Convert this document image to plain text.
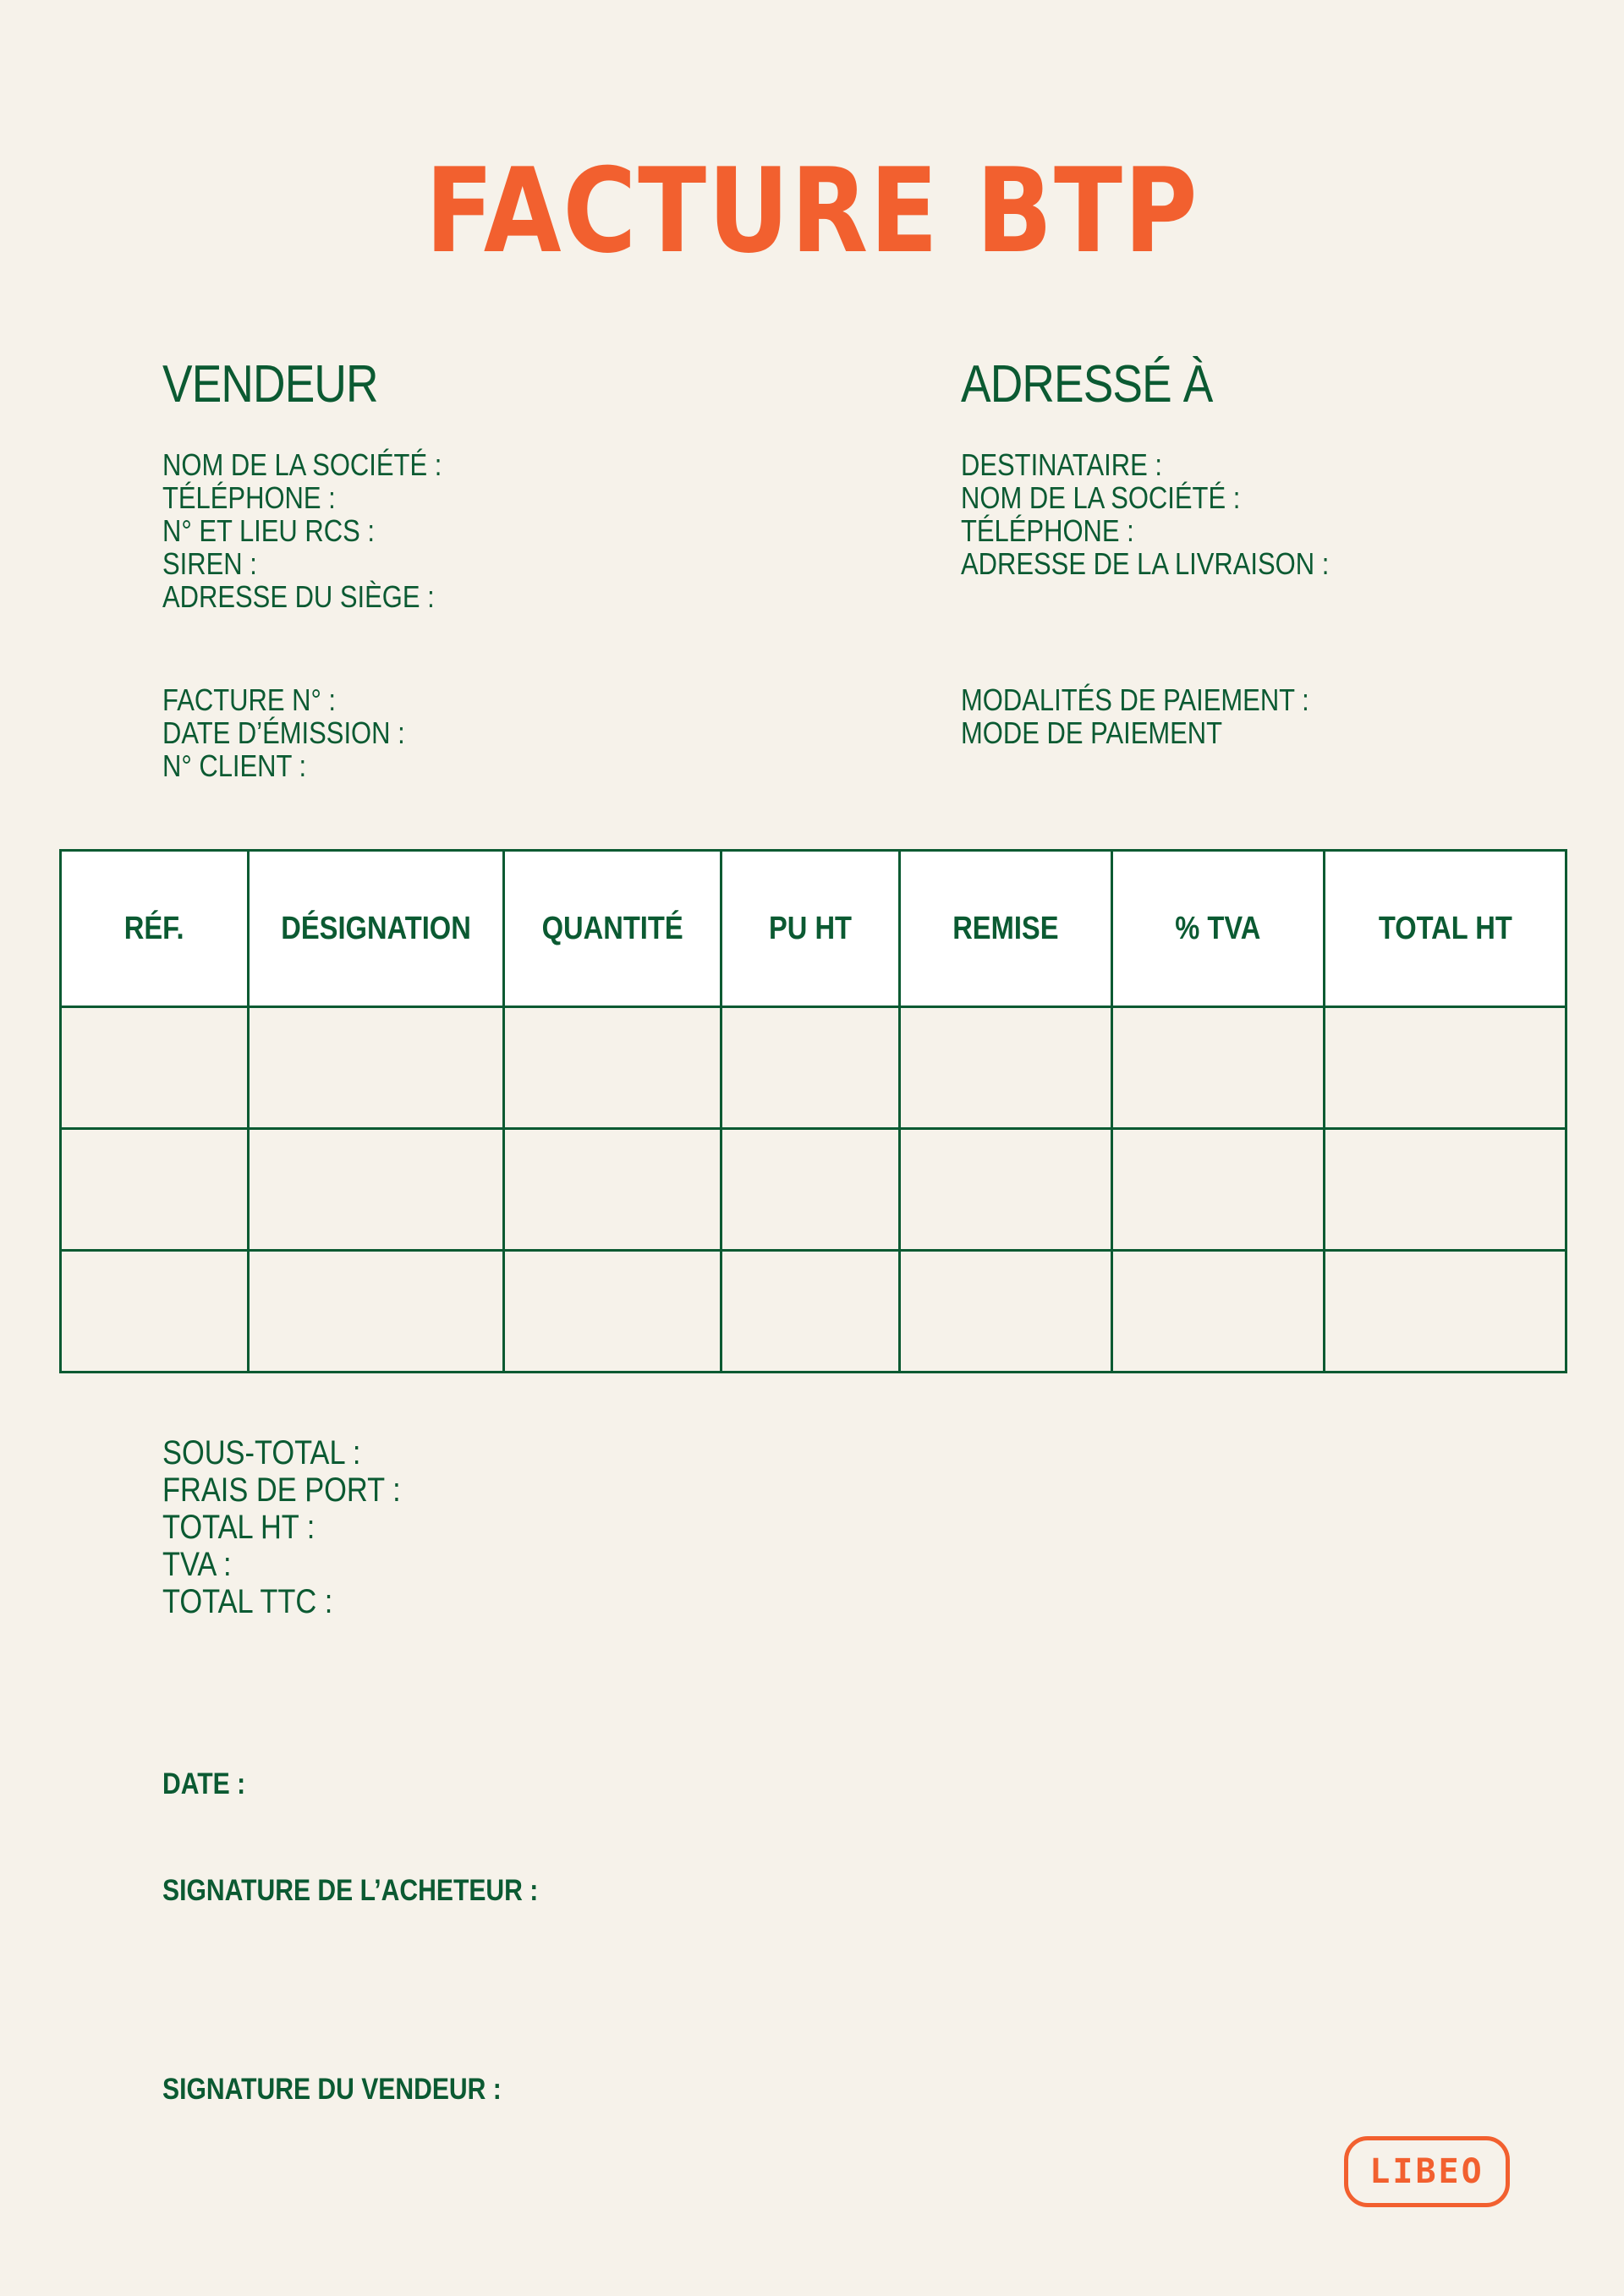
FACTURE BTP
VENDEUR
NOM DE LA SOCIÉTÉ :
TÉLÉPHONE :
N° ET LIEU RCS :
SIREN :
ADRESSE DU SIÈGE :
ADRESSÉ À
DESTINATAIRE :
NOM DE LA SOCIÉTÉ :
TÉLÉPHONE :
ADRESSE DE LA LIVRAISON :
FACTURE N° :
DATE D’ÉMISSION :
N° CLIENT :
MODALITÉS DE PAIEMENT :
MODE DE PAIEMENT
RÉF.	DÉSIGNATION	QUANTITÉ	PU HT	REMISE	% TVA	TOTAL HT

SOUS-TOTAL :
FRAIS DE PORT :
TOTAL HT :
TVA :
TOTAL TTC :
DATE :
SIGNATURE DE L’ACHETEUR :
SIGNATURE DU VENDEUR :
LIBEO
